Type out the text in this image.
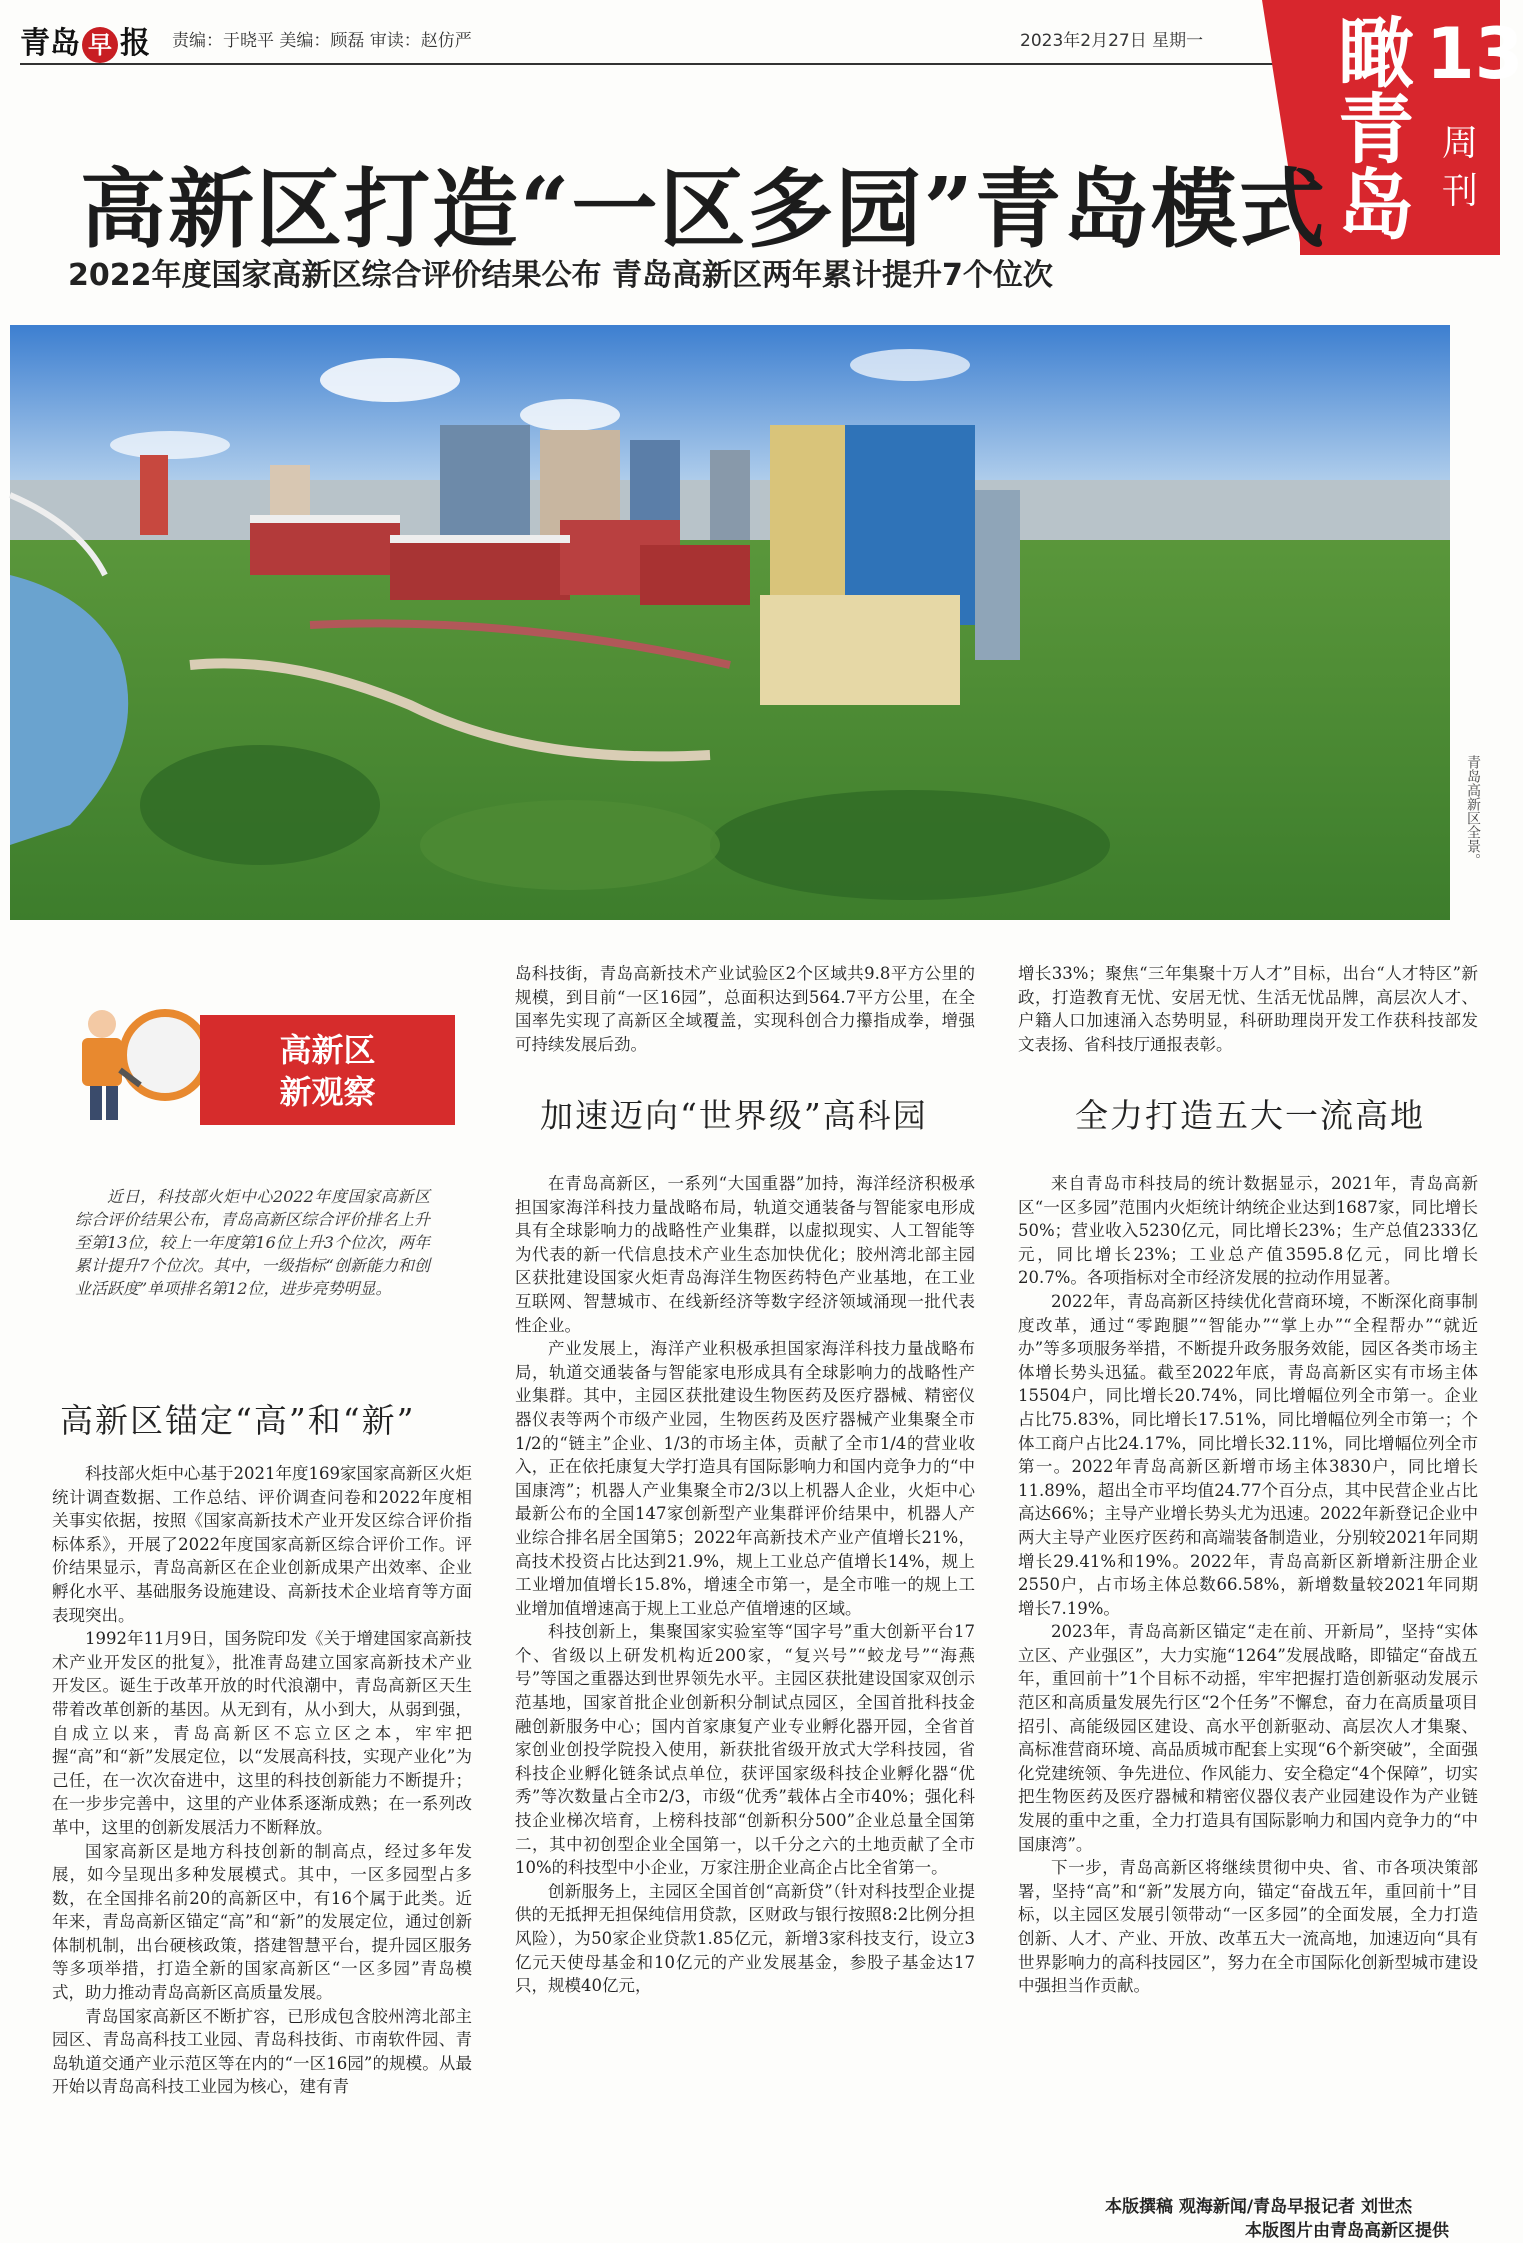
青岛 早 报 责编：于晓平 美编：顾磊 审读：赵仿严	2023年2月27日 星期一 瞰青岛
13
周刊
高新区打造“一区多园”青岛模式
2022年度国家高新区综合评价结果公布 青岛高新区两年累计提升7个位次
青岛高新区全景。
高新区
新观察

近日，科技部火炬中心2022年度国家高新区综合评价结果公布，青岛高新区综合评价排名上升至第13位，较上一年度第16位上升3个位次，两年累计提升7个位次。其中，一级指标“创新能力和创业活跃度”单项排名第12位，进步亮势明显。

高新区锚定“高”和“新”
加速迈向“世界级”高科园	全力打造五大一流高地

科技部火炬中心基于2021年度169家国家高新区火炬统计调查数据、工作总结、评价调查问卷和2022年度相关事实依据，按照《国家高新技术产业开发区综合评价指标体系》，开展了2022年度国家高新区综合评价工作。评价结果显示，青岛高新区在企业创新成果产出效率、企业孵化水平、基础服务设施建设、高新技术企业培育等方面表现突出。

1992年11月9日，国务院印发《关于增建国家高新技术产业开发区的批复》，批准青岛建立国家高新技术产业开发区。诞生于改革开放的时代浪潮中，青岛高新区天生带着改革创新的基因。从无到有，从小到大，从弱到强，自成立以来，青岛高新区不忘立区之本，牢牢把握“高”和“新”发展定位，以“发展高科技，实现产业化”为己任，在一次次奋进中，这里的科技创新能力不断提升；在一步步完善中，这里的产业体系逐渐成熟；在一系列改革中，这里的创新发展活力不断释放。

国家高新区是地方科技创新的制高点，经过多年发展，如今呈现出多种发展模式。其中，一区多园型占多数，在全国排名前20的高新区中，有16个属于此类。近年来，青岛高新区锚定“高”和“新”的发展定位，通过创新体制机制，出台硬核政策，搭建智慧平台，提升园区服务等多项举措，打造全新的国家高新区“一区多园”青岛模式，助力推动青岛高新区高质量发展。

青岛国家高新区不断扩容，已形成包含胶州湾北部主园区、青岛高科技工业园、青岛科技街、市南软件园、青岛轨道交通产业示范区等在内的“一区16园”的规模。从最开始以青岛高科技工业园为核心，建有青

岛科技街，青岛高新技术产业试验区2个区域共9.8平方公里的规模，到目前“一区16园”，总面积达到564.7平方公里，在全国率先实现了高新区全域覆盖，实现科创合力攥指成拳，增强可持续发展后劲。

在青岛高新区，一系列“大国重器”加持，海洋经济积极承担国家海洋科技力量战略布局，轨道交通装备与智能家电形成具有全球影响力的战略性产业集群，以虚拟现实、人工智能等为代表的新一代信息技术产业生态加快优化；胶州湾北部主园区获批建设国家火炬青岛海洋生物医药特色产业基地，在工业互联网、智慧城市、在线新经济等数字经济领域涌现一批代表性企业。

产业发展上，海洋产业积极承担国家海洋科技力量战略布局，轨道交通装备与智能家电形成具有全球影响力的战略性产业集群。其中，主园区获批建设生物医药及医疗器械、精密仪器仪表等两个市级产业园，生物医药及医疗器械产业集聚全市1/2的“链主”企业、1/3的市场主体，贡献了全市1/4的营业收入，正在依托康复大学打造具有国际影响力和国内竞争力的“中国康湾”；机器人产业集聚全市2/3以上机器人企业，火炬中心最新公布的全国147家创新型产业集群评价结果中，机器人产业综合排名居全国第5；2022年高新技术产业产值增长21%，高技术投资占比达到21.9%，规上工业总产值增长14%，规上工业增加值增长15.8%，增速全市第一，是全市唯一的规上工业增加值增速高于规上工业总产值增速的区域。

科技创新上，集聚国家实验室等“国字号”重大创新平台17个、省级以上研发机构近200家，“复兴号”“蛟龙号”“海燕号”等国之重器达到世界领先水平。主园区获批建设国家双创示范基地，国家首批企业创新积分制试点园区，全国首批科技金融创新服务中心；国内首家康复产业专业孵化器开园，全省首家创业创投学院投入使用，新获批省级开放式大学科技园，省科技企业孵化链条试点单位，获评国家级科技企业孵化器“优秀”等次数量占全市2/3，市级“优秀”载体占全市40%；强化科技企业梯次培育，上榜科技部“创新积分500”企业总量全国第二，其中初创型企业全国第一，以千分之六的土地贡献了全市10%的科技型中小企业，万家注册企业高企占比全省第一。

创新服务上，主园区全国首创“高新贷”（针对科技型企业提供的无抵押无担保纯信用贷款，区财政与银行按照8:2比例分担风险），为50家企业贷款1.85亿元，新增3家科技支行，设立3亿元天使母基金和10亿元的产业发展基金，参股子基金达17只，规模40亿元，

增长33%；聚焦“三年集聚十万人才”目标，出台“人才特区”新政，打造教育无忧、安居无忧、生活无忧品牌，高层次人才、户籍人口加速涌入态势明显，科研助理岗开发工作获科技部发文表扬、省科技厅通报表彰。

来自青岛市科技局的统计数据显示，2021年，青岛高新区“一区多园”范围内火炬统计纳统企业达到1687家，同比增长50%；营业收入5230亿元，同比增长23%；生产总值2333亿元，同比增长23%；工业总产值3595.8亿元，同比增长20.7%。各项指标对全市经济发展的拉动作用显著。

2022年，青岛高新区持续优化营商环境，不断深化商事制度改革，通过“零跑腿”“智能办”“掌上办”“全程帮办”“就近办”等多项服务举措，不断提升政务服务效能，园区各类市场主体增长势头迅猛。截至2022年底，青岛高新区实有市场主体15504户，同比增长20.74%，同比增幅位列全市第一。企业占比75.83%，同比增长17.51%，同比增幅位列全市第一；个体工商户占比24.17%，同比增长32.11%，同比增幅位列全市第一。2022年青岛高新区新增市场主体3830户，同比增长11.89%，超出全市平均值24.77个百分点，其中民营企业占比高达66%；主导产业增长势头尤为迅速。2022年新登记企业中两大主导产业医疗医药和高端装备制造业，分别较2021年同期增长29.41%和19%。2022年，青岛高新区新增新注册企业2550户，占市场主体总数66.58%，新增数量较2021年同期增长7.19%。

2023年，青岛高新区锚定“走在前、开新局”，坚持“实体立区、产业强区”，大力实施“1264”发展战略，即锚定“奋战五年，重回前十”1个目标不动摇，牢牢把握打造创新驱动发展示范区和高质量发展先行区“2个任务”不懈怠，奋力在高质量项目招引、高能级园区建设、高水平创新驱动、高层次人才集聚、高标准营商环境、高品质城市配套上实现“6个新突破”，全面强化党建统领、争先进位、作风能力、安全稳定“4个保障”，切实把生物医药及医疗器械和精密仪器仪表产业园建设作为产业链发展的重中之重，全力打造具有国际影响力和国内竞争力的“中国康湾”。

下一步，青岛高新区将继续贯彻中央、省、市各项决策部署，坚持“高”和“新”发展方向，锚定“奋战五年，重回前十”目标，以主园区发展引领带动“一区多园”的全面发展，全力打造创新、人才、产业、开放、改革五大一流高地，加速迈向“具有世界影响力的高科技园区”，努力在全市国际化创新型城市建设中强担当作贡献。

本版撰稿 观海新闻/青岛早报记者 刘世杰
本版图片由青岛高新区提供
